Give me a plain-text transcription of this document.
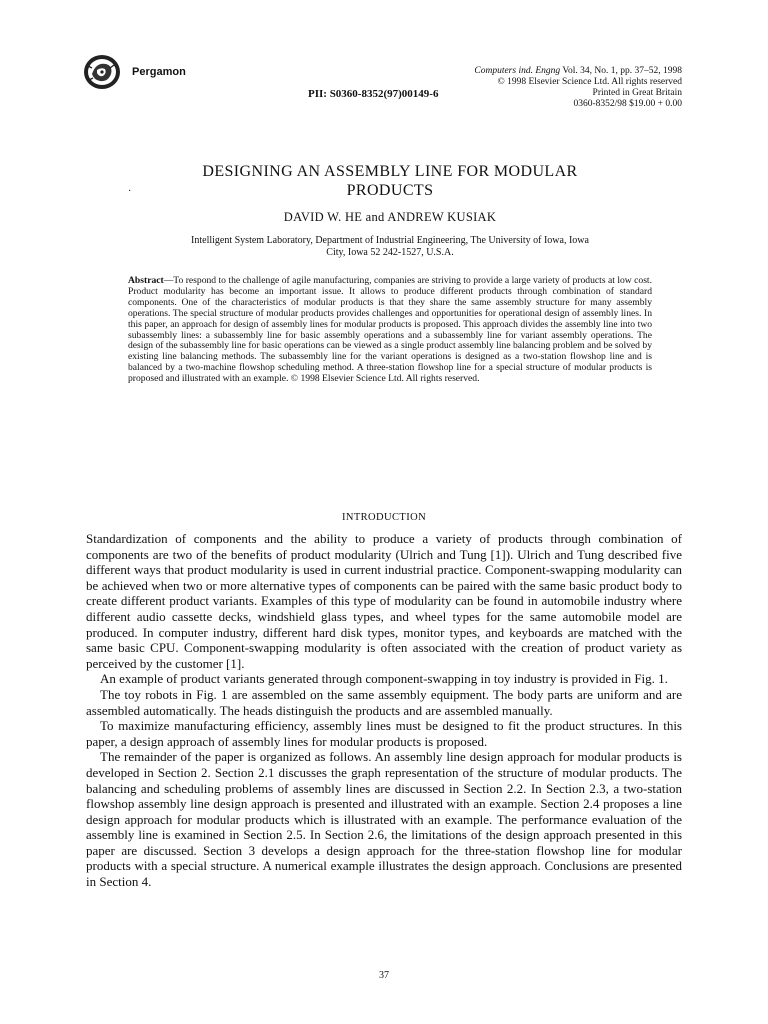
Pergamon
PII: S0360-8352(97)00149-6
Computers ind. Engng Vol. 34, No. 1, pp. 37–52, 1998
© 1998 Elsevier Science Ltd. All rights reserved
Printed in Great Britain
0360-8352/98 $19.00 + 0.00
DESIGNING AN ASSEMBLY LINE FOR MODULAR
PRODUCTS
·
DAVID W. HE and ANDREW KUSIAK
Intelligent System Laboratory, Department of Industrial Engineering, The University of Iowa, Iowa
City, Iowa 52 242-1527, U.S.A.
Abstract—To respond to the challenge of agile manufacturing, companies are striving to provide a large variety of products at low cost. Product modularity has become an important issue. It allows to produce different products through combination of standard components. One of the characteristics of modular products is that they share the same assembly structure for many assembly operations. The special structure of modular products provides challenges and opportunities for operational design of assembly lines. In this paper, an approach for design of assembly lines for modular products is proposed. This approach divides the assembly line into two subassembly lines: a subassembly line for basic assembly operations and a subassembly line for variant assembly operations. The design of the subassembly line for basic operations can be viewed as a single product assembly line balancing problem and be solved by existing line balancing methods. The subassembly line for the variant operations is designed as a two-station flowshop line and is balanced by a two-machine flowshop scheduling method. A three-station flowshop line for a special structure of modular products is proposed and illustrated with an example. © 1998 Elsevier Science Ltd. All rights reserved.
INTRODUCTION

Standardization of components and the ability to produce a variety of products through combination of components are two of the benefits of product modularity (Ulrich and Tung [1]). Ulrich and Tung described five different ways that product modularity is used in current industrial practice. Component-swapping modularity can be achieved when two or more alternative types of components can be paired with the same basic product body to create different product variants. Examples of this type of modularity can be found in automobile industry where different audio cassette decks, windshield glass types, and wheel types for the same automobile model are produced. In computer industry, different hard disk types, monitor types, and keyboards are matched with the same basic CPU. Component-swapping modularity is often associated with the creation of product variety as perceived by the customer [1].

An example of product variants generated through component-swapping in toy industry is provided in Fig. 1.

The toy robots in Fig. 1 are assembled on the same assembly equipment. The body parts are uniform and are assembled automatically. The heads distinguish the products and are assembled manually.

To maximize manufacturing efficiency, assembly lines must be designed to fit the product structures. In this paper, a design approach of assembly lines for modular products is proposed.

The remainder of the paper is organized as follows. An assembly line design approach for modular products is developed in Section 2. Section 2.1 discusses the graph representation of the structure of modular products. The balancing and scheduling problems of assembly lines are discussed in Section 2.2. In Section 2.3, a two-station flowshop assembly line design approach is presented and illustrated with an example. Section 2.4 proposes a line design approach for modular products which is illustrated with an example. The performance evaluation of the assembly line is examined in Section 2.5. In Section 2.6, the limitations of the design approach presented in this paper are discussed. Section 3 develops a design approach for the three-station flowshop line for modular products with a special structure. A numerical example illustrates the design approach. Conclusions are presented in Section 4.

37
